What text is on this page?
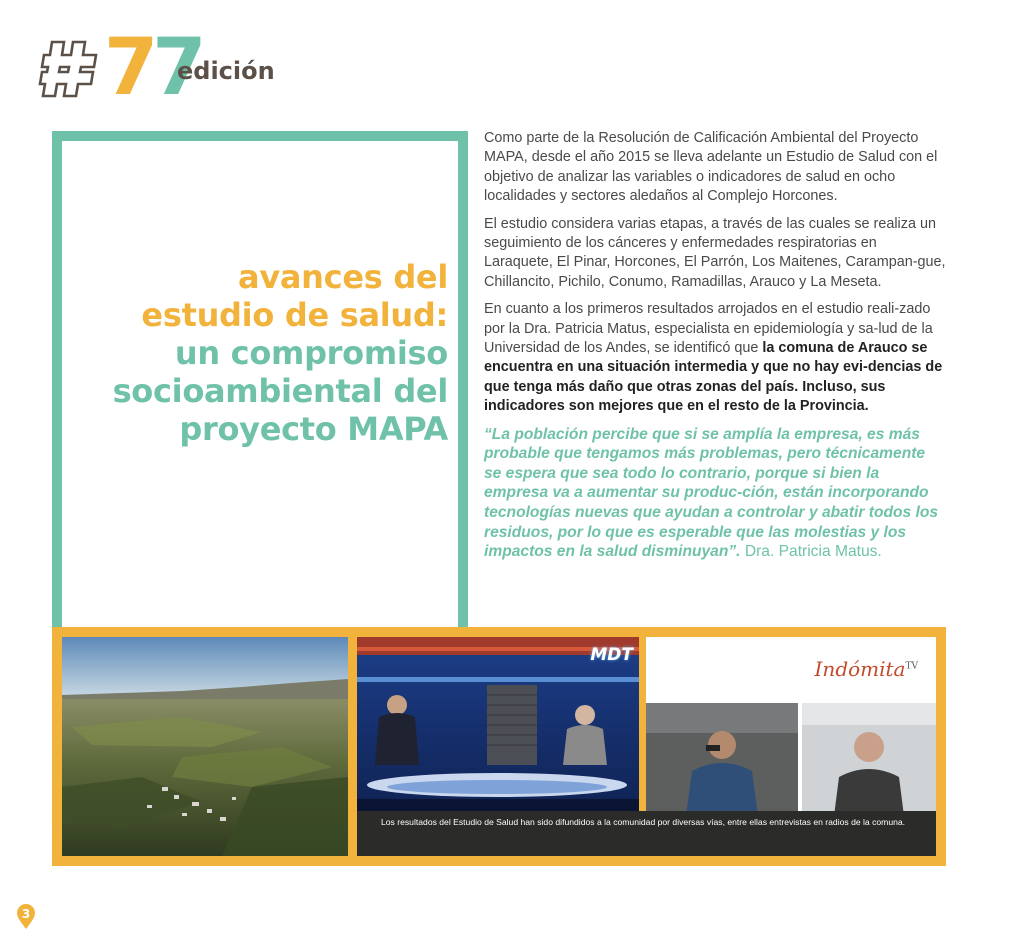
77
edición
avances del
estudio de salud:
un compromiso
socioambiental del
proyecto MAPA

Como parte de la Resolución de Calificación Ambiental del Proyecto MAPA, desde el año 2015 se lleva adelante un Estudio de Salud con el objetivo de analizar las variables o indicadores de salud en ocho localidades y sectores aledaños al Complejo Horcones.

El estudio considera varias etapas, a través de las cuales se realiza un seguimiento de los cánceres y enfermedades respiratorias en Laraquete, El Pinar, Horcones, El Parrón, Los Maitenes, Carampan-gue, Chillancito, Pichilo, Conumo, Ramadillas, Arauco y La Meseta.

En cuanto a los primeros resultados arrojados en el estudio reali-zado por la Dra. Patricia Matus, especialista en epidemiología y sa-lud de la Universidad de los Andes, se identificó que la comuna de Arauco se encuentra en una situación intermedia y que no hay evi-dencias de que tenga más daño que otras zonas del país. Incluso, sus indicadores son mejores que en el resto de la Provincia.

“La población percibe que si se amplía la empresa, es más probable que tengamos más problemas, pero técnicamente se espera que sea todo lo contrario, porque si bien la empresa va a aumentar su produc-ción, están incorporando tecnologías nuevas que ayudan a controlar y abatir todos los residuos, por lo que es esperable que las molestias y los impactos en la salud disminuyan”. Dra. Patricia Matus.
MDT
Indómita$^{TV}$
Los resultados del Estudio de Salud han sido difundidos a la comunidad por diversas vías, entre ellas entrevistas en radios de la comuna.
3
